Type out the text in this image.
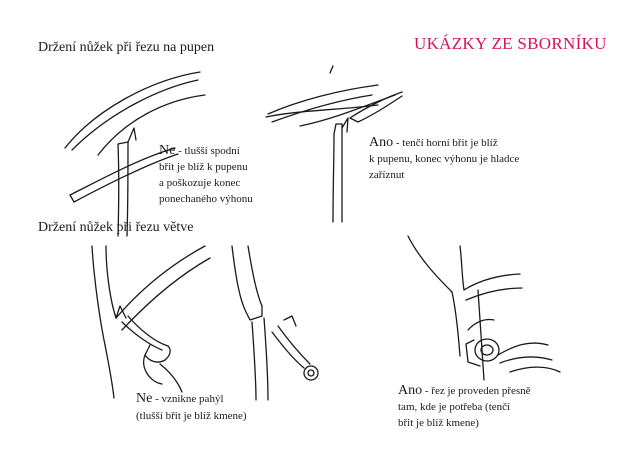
UKÁZKY ZE SBORNÍKU
Držení nůžek při řezu na pupen
Ne - tlušší spodní
břit je blíž k pupenu
a poškozuje konec
ponechaného výhonu
Ano - tenčí horní břit je blíž
k pupenu, konec výhonu je hladce
zaříznut
Držení nůžek při řezu větve
Ne - vznikne pahýl
(tlušší břit je blíž kmene)
Ano - řez je proveden přesně
tam, kde je potřeba (tenčí
břit je blíž kmene)
